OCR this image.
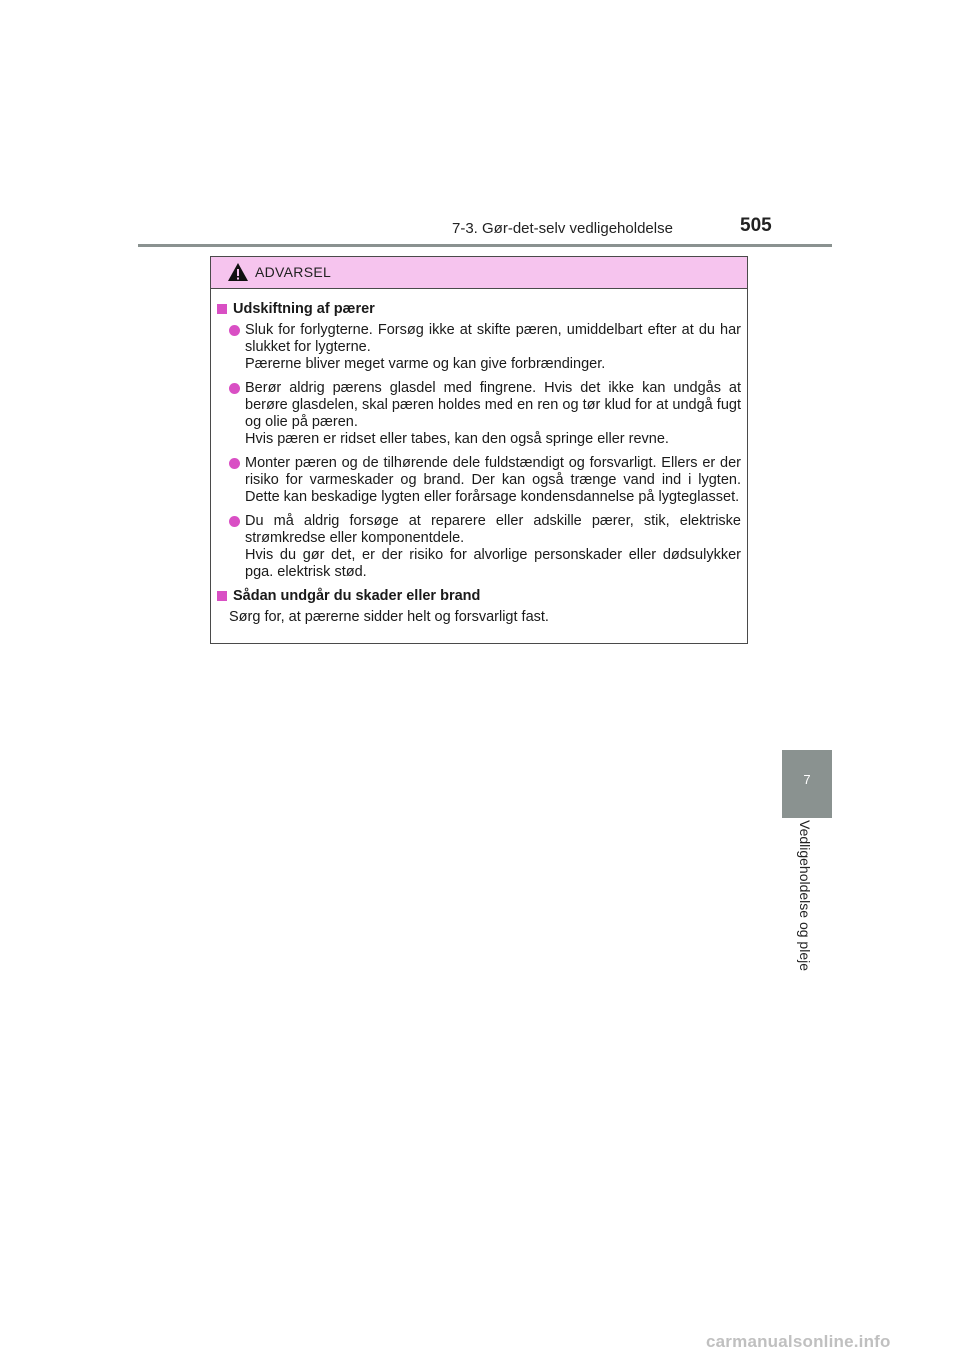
7-3. Gør-det-selv vedligeholdelse	505
ADVARSEL
Udskiftning af pærer
Sluk for forlygterne. Forsøg ikke at skifte pæren, umiddelbart efter at du har slukket for lygterne.
Pærerne bliver meget varme og kan give forbrændinger.
Berør aldrig pærens glasdel med fingrene. Hvis det ikke kan undgås at berøre glasdelen, skal pæren holdes med en ren og tør klud for at undgå fugt og olie på pæren.
Hvis pæren er ridset eller tabes, kan den også springe eller revne.
Monter pæren og de tilhørende dele fuldstændigt og forsvarligt. Ellers er der risiko for varmeskader og brand. Der kan også trænge vand ind i lygten. Dette kan beskadige lygten eller forårsage kondensdannelse på lygteglasset.
Du må aldrig forsøge at reparere eller adskille pærer, stik, elektriske strømkredse eller komponentdele.
Hvis du gør det, er der risiko for alvorlige personskader eller dødsulykker pga. elektrisk stød.
Sådan undgår du skader eller brand
Sørg for, at pærerne sidder helt og forsvarligt fast.
7
Vedligeholdelse og pleje
carmanualsonline.info
